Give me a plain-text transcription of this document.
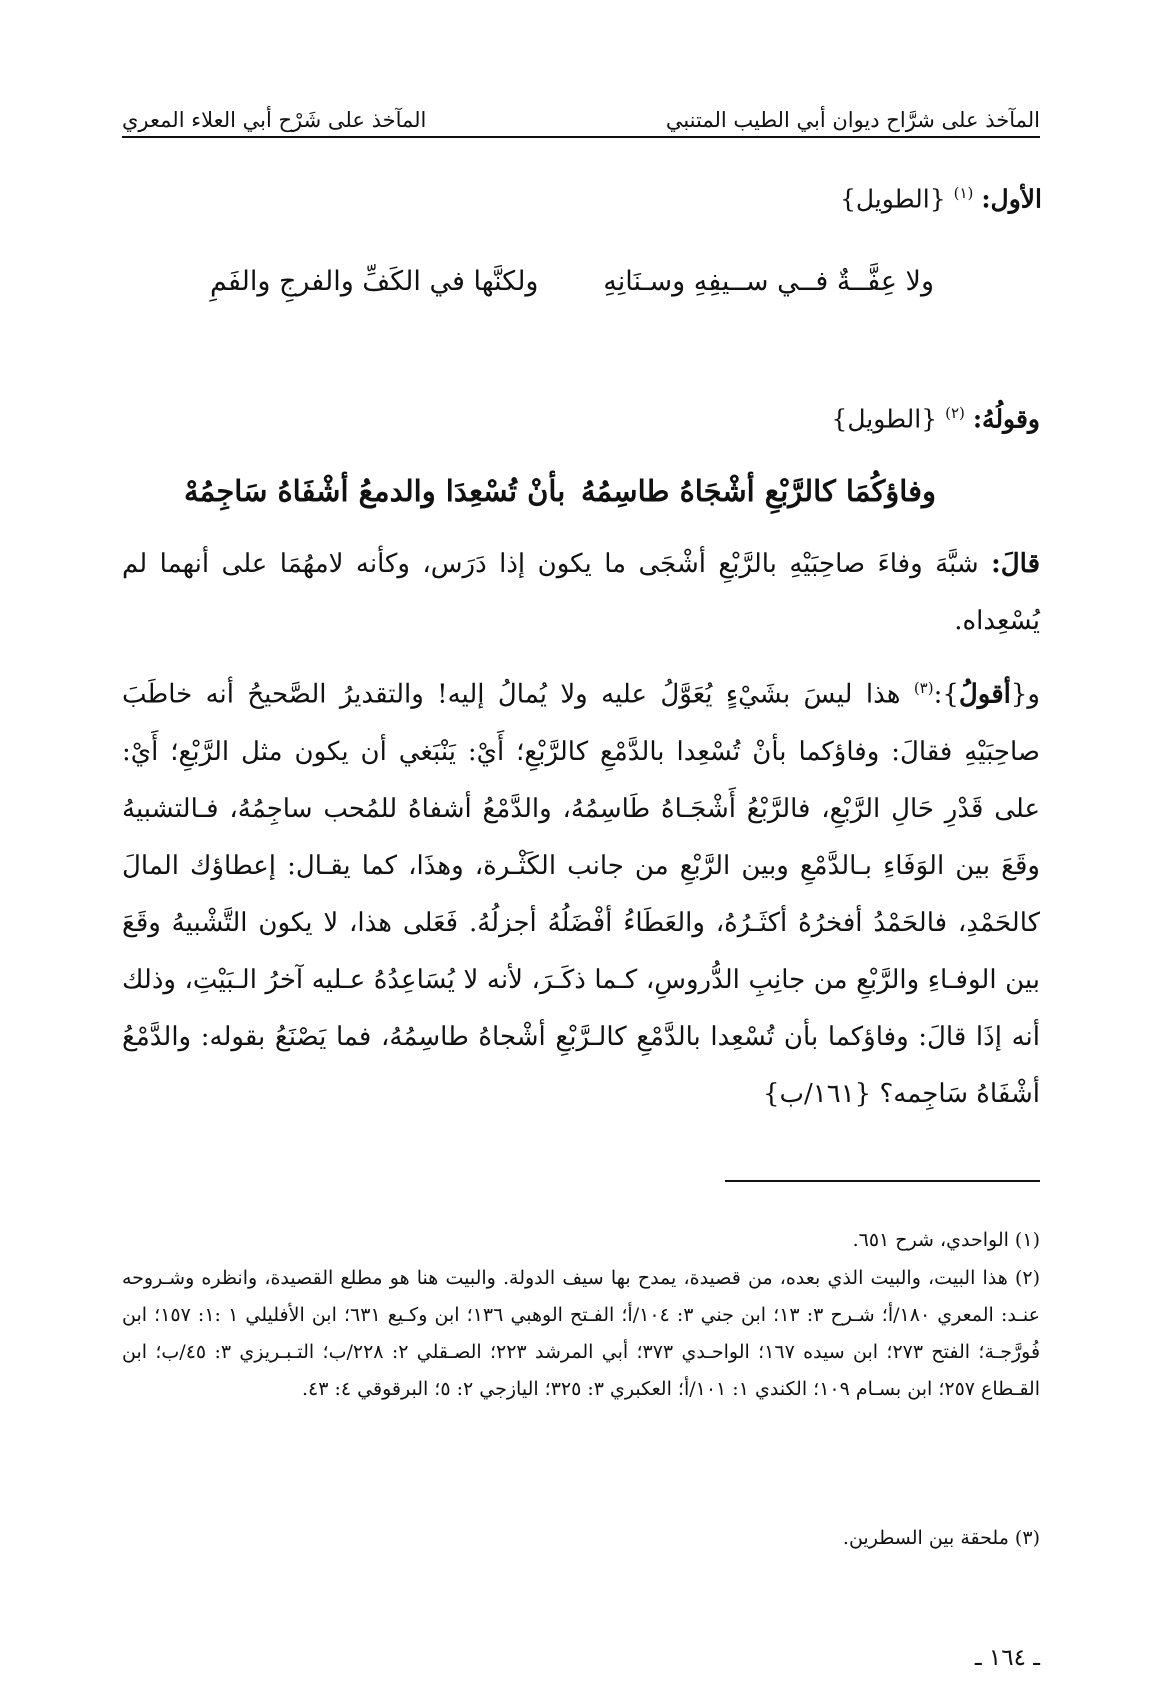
المآخذ على شرَّاح ديوان أبي الطيب المتنبي
المآخذ على شَرْح أبي العلاء المعري
الأول: $^{(١)}$ {الطويل}
ولا عِفَّــةٌ فــي ســيفِهِ وسـنَانِهِ
ولكنَّها في الكَفِّ والفرجِ والفَمِ
وقولُهُ: $^{(٢)}$ {الطويل}
وفاؤكُمَا كالرَّبْعِ أشْجَاهُ طاسِمُهُ
بأنْ تُسْعِدَا والدمعُ أشْفَاهُ سَاجِمُهْ
قالَ: شبَّهَ وفاءَ صاحِبَيْهِ بالرَّبْعِ أشْجَى ما يكون إذا دَرَس، وكأنه لامهُمَا على أنهما لم يُسْعِداه.
و{أقولُ}:$^{(٣)}$ هذا ليسَ بشَيْءٍ يُعَوَّلُ عليه ولا يُمالُ إليه! والتقديرُ الصَّحيحُ أنه خاطَبَ صاحِبَيْهِ فقالَ: وفاؤكما بأنْ تُسْعِدا بالدَّمْعِ كالرَّبْعِ؛ أَيْ: يَنْبَغي أن يكون مثل الرَّبْعِ؛ أَيْ: على قَدْرِ حَالِ الرَّبْعِ، فالرَّبْعُ أَشْجَـاهُ طَاسِمُهُ، والدَّمْعُ أشفاهُ للمُحب ساجِمُهُ، فـالتشبيهُ وقَعَ بين الوَفَاءِ بـالدَّمْعِ وبين الرَّبْعِ من جانب الكَثْـرة، وهذَا، كما يقـال: إعطاؤك المالَ كالحَمْدِ، فالحَمْدُ أفخرُهُ أكثَـرُهُ، والعَطَاءُ أفْضَلُهُ أجزلُهُ. فَعَلى هذا، لا يكون التَّشْبيهُ وقَعَ بين الوفـاءِ والرَّبْعِ من جانِبِ الدُّروسِ، كـما ذكَـرَ، لأنه لا يُسَاعِدُهُ عـليه آخرُ الـبَيْتِ، وذلك أنه إذَا قالَ: وفاؤكما بأن تُسْعِدا بالدَّمْعِ كالـرَّبْعِ أشْجاهُ طاسِمُهُ، فما يَصْنَعُ بقوله: والدَّمْعُ أشْفَاهُ سَاجِمه؟ {١٦١/ب}
(١) الواحدي، شرح ٦٥١.
(٢) هذا البيت، والبيت الذي بعده، من قصيدة، يمدح بها سيف الدولة. والبيت هنا هو مطلع القصيدة، وانظره وشـروحه عنـد: المعري ١٨٠/أ؛ شـرح ٣: ١٣؛ ابن جني ٣: ١٠٤/أ؛ الفـتح الوهبي ١٣٦؛ ابن وكـيع ٦٣١؛ ابن الأفليلي ١ :١: ١٥٧؛ ابن فُورَّجـة؛ الفتح ٢٧٣؛ ابن سيده ١٦٧؛ الواحـدي ٣٧٣؛ أبي المرشد ٢٢٣؛ الصـقلي ٢: ٢٢٨/ب؛ التـبـريزي ٣: ٤٥/ب؛ ابن القـطاع ٢٥٧؛ ابن بسـام ١٠٩؛ الكندي ١: ١٠١/أ؛ العكبري ٣: ٣٢٥؛ اليازجي ٢: ٥؛ البرقوقي ٤: ٤٣.
(٣) ملحقة بين السطرين.
ـ ١٦٤ ـ
